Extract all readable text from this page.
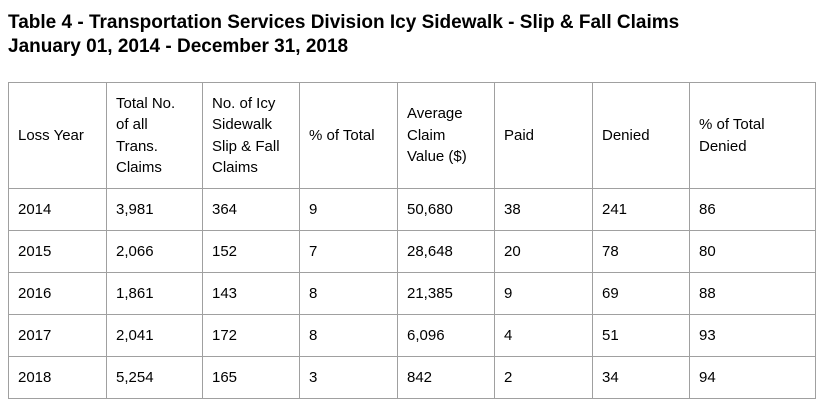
Table 4 - Transportation Services Division Icy Sidewalk - Slip & Fall Claims
January 01, 2014 - December 31, 2018
Loss Year	Total No.
of all
Trans.
Claims	No. of Icy
Sidewalk
Slip & Fall
Claims	% of Total	Average
Claim
Value ($)	Paid	Denied	% of Total
Denied

2014	3,981	364	9	50,680	38	241	86
2015	2,066	152	7	28,648	20	78	80
2016	1,861	143	8	21,385	9	69	88
2017	2,041	172	8	6,096	4	51	93
2018	5,254	165	3	842	2	34	94
